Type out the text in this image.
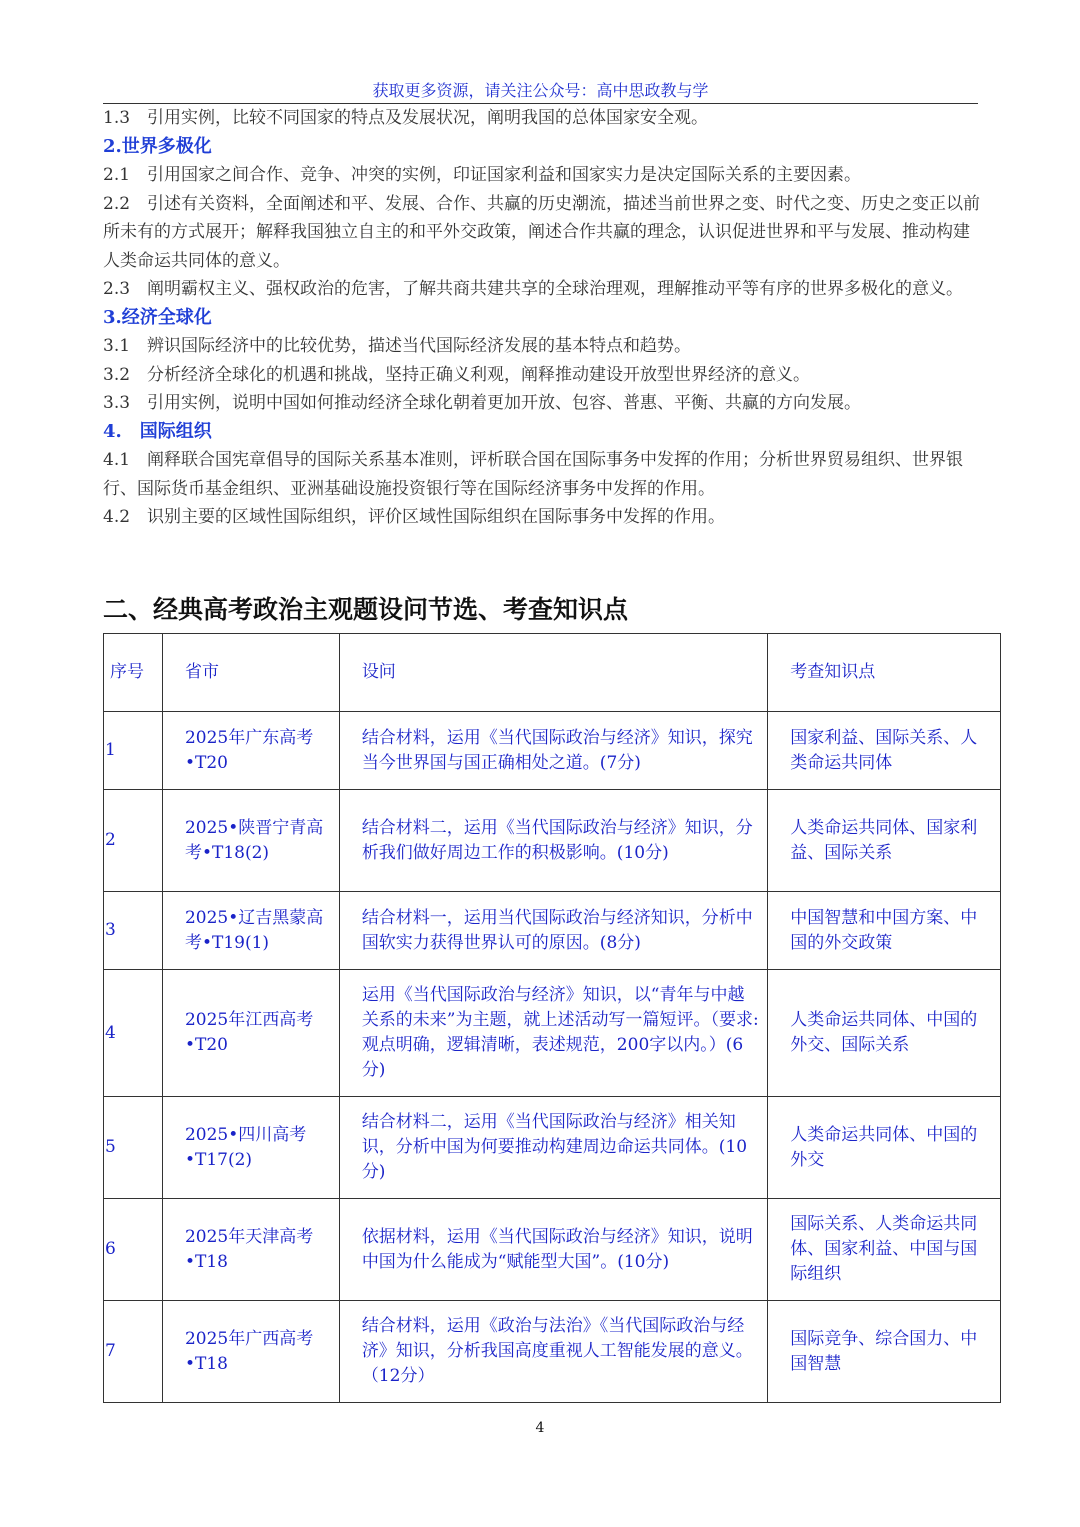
获取更多资源，请关注公众号：高中思政教与学
1.3　引用实例，比较不同国家的特点及发展状况，阐明我国的总体国家安全观。
2.世界多极化
2.1　引用国家之间合作、竞争、冲突的实例，印证国家利益和国家实力是决定国际关系的主要因素。
2.2　引述有关资料，全面阐述和平、发展、合作、共赢的历史潮流，描述当前世界之变、时代之变、历史之变正以前所未有的方式展开；解释我国独立自主的和平外交政策，阐述合作共赢的理念，认识促进世界和平与发展、推动构建人类命运共同体的意义。
2.3　阐明霸权主义、强权政治的危害，了解共商共建共享的全球治理观，理解推动平等有序的世界多极化的意义。
3.经济全球化
3.1　辨识国际经济中的比较优势，描述当代国际经济发展的基本特点和趋势。
3.2　分析经济全球化的机遇和挑战，坚持正确义利观，阐释推动建设开放型世界经济的意义。
3.3　引用实例，说明中国如何推动经济全球化朝着更加开放、包容、普惠、平衡、共赢的方向发展。
4.　国际组织
4.1　阐释联合国宪章倡导的国际关系基本准则，评析联合国在国际事务中发挥的作用；分析世界贸易组织、世界银行、国际货币基金组织、亚洲基础设施投资银行等在国际经济事务中发挥的作用。
4.2　识别主要的区域性国际组织，评价区域性国际组织在国际事务中发挥的作用。
二、经典高考政治主观题设问节选、考查知识点
序号	省市	设问	考查知识点
1	2025年广东高考•T20	结合材料，运用《当代国际政治与经济》知识，探究当今世界国与国正确相处之道。(7分)	国家利益、国际关系、人类命运共同体
2	2025•陕晋宁青高考•T18(2)	结合材料二，运用《当代国际政治与经济》知识，分析我们做好周边工作的积极影响。(10分)	人类命运共同体、国家利益、国际关系
3	2025•辽吉黑蒙高考•T19(1)	结合材料一，运用当代国际政治与经济知识，分析中国软实力获得世界认可的原因。(8分)	中国智慧和中国方案、中国的外交政策
4	2025年江西高考•T20	运用《当代国际政治与经济》知识，以“青年与中越关系的未来”为主题，就上述活动写一篇短评。（要求:观点明确，逻辑清晰，表述规范，200字以内。）(6分)	人类命运共同体、中国的外交、国际关系
5	2025•四川高考•T17(2)	结合材料二，运用《当代国际政治与经济》相关知识，分析中国为何要推动构建周边命运共同体。(10分)	人类命运共同体、中国的外交
6	2025年天津高考•T18	依据材料，运用《当代国际政治与经济》知识，说明中国为什么能成为“赋能型大国”。(10分)	国际关系、人类命运共同体、国家利益、中国与国际组织
7	2025年广西高考•T18	结合材料，运用《政治与法治》《当代国际政治与经济》知识，分析我国高度重视人工智能发展的意义。（12分）	国际竞争、综合国力、中国智慧
4
